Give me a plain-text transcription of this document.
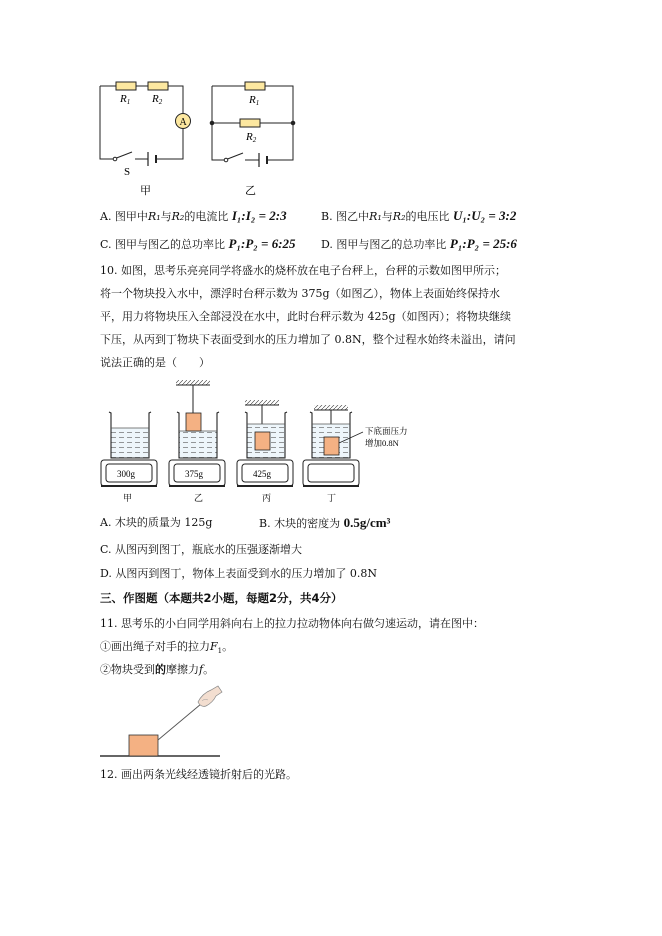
R1 R2
A
S
甲
R1
R2
乙
A. 图甲中R₁与R₂的电流比 I₁:I₂ = 2:3	B. 图乙中R₁与R₂的电压比 U₁:U₂ = 3:2
C. 图甲与图乙的总功率比 P₁:P₂ = 6:25 D. 图甲与图乙的总功率比 P₁:P₂ = 25:6
10. 如图，思考乐亮亮同学将盛水的烧杯放在电子台秤上，台秤的示数如图甲所示；
将一个物块投入水中，漂浮时台秤示数为 375g（如图乙），物体上表面始终保持水
平，用力将物块压入全部浸没在水中，此时台秤示数为 425g（如图丙）；将物块继续
下压，从丙到丁物块下表面受到水的压力增加了 0.8N，整个过程水始终未溢出，请问
说法正确的是（　　）
300g
甲
375g
乙
425g
丙	丁
下底面压力
增加0.8N
A. 木块的质量为 125g	B. 木块的密度为 0.5g/cm³
C. 从图丙到图丁，瓶底水的压强逐渐增大
D. 从图丙到图丁，物体上表面受到水的压力增加了 0.8N
三、作图题（本题共2小题，每题2分，共4分）
11. 思考乐的小白同学用斜向右上的拉力拉动物体向右做匀速运动，请在图中：
①画出绳子对手的拉力$F_1$。
②物块受到的摩擦力f。
12. 画出两条光线经透镜折射后的光路。
